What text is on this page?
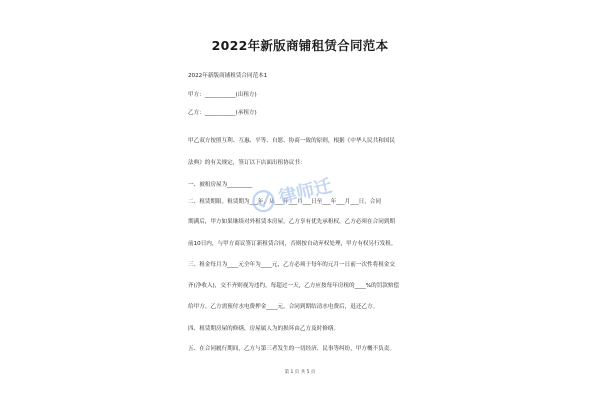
2022年新版商铺租赁合同范本
2022年新版商铺租赁合同范本1
甲方：___________(出租方)
乙方：___________(承租方)
甲乙双方按照互利、互惠、平等、自愿、协商一致的原则，根据《中华人民共和国民
法典》的有关规定，签订以下店面出租协议书：
一、被租房屋为_________
二、租赁期限。租赁期为___年，从___年___月___日至___年___月___日，合同
期满后，甲方如果继续对外租赁本房屋，乙方享有优先承租权，乙方必须在合同到期
前10日内，与甲方商议签订新租赁合同，否则按自动弃权处理，甲方有权另行发租。
三、租金每月为____元全年为____元，乙方必须于每年的元月一日前一次性将租金交
齐(净收入)，交不齐则视为违约，每超过一天，乙方应按每年房租的____%的罚款赔偿
给甲方。乙方需预付水电费押金____元，合同到期结清水电费后，退还乙方。
四、租赁期房屋的修缮，房屋属人为的损坏由乙方及时修缮。
五、在合同履行期间，乙方与第三者发生的一切经济、民事等纠纷，甲方概不负责。
律师迁
第 1 页 共 5 页
